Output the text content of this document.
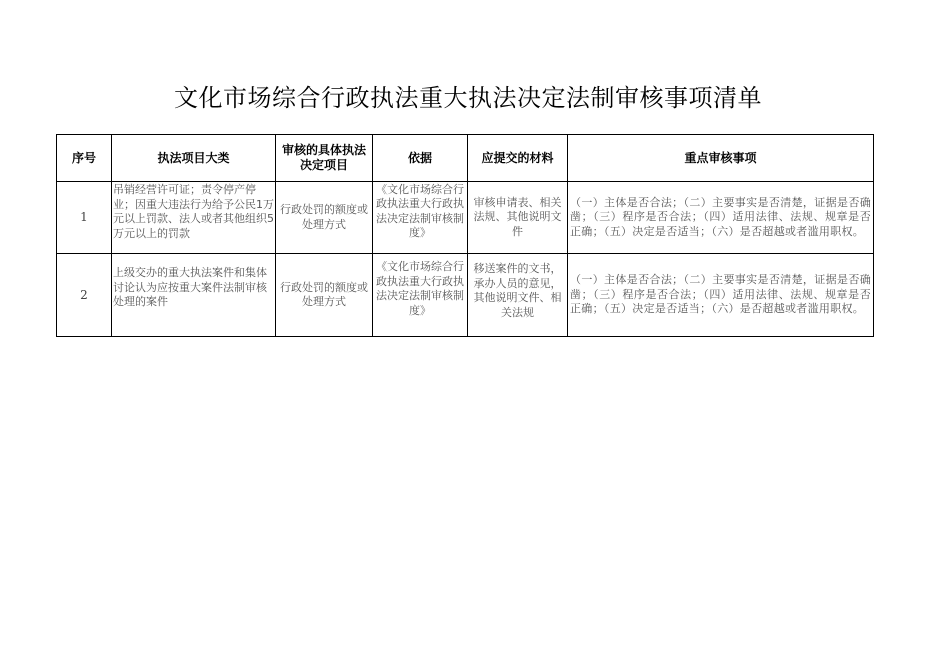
文化市场综合行政执法重大执法决定法制审核事项清单
序号	执法项目大类	审核的具体执法决定项目	依据	应提交的材料	重点审核事项

1	吊销经营许可证；责令停产停业；因重大违法行为给予公民1万元以上罚款、法人或者其他组织5万元以上的罚款	行政处罚的额度或处理方式	《文化市场综合行政执法重大行政执法决定法制审核制度》	审核申请表、相关法规、其他说明文件	（一）主体是否合法；（二）主要事实是否清楚，证据是否确凿；（三）程序是否合法；（四）适用法律、法规、规章是否正确；（五）决定是否适当；（六）是否超越或者滥用职权。

2	上级交办的重大执法案件和集体讨论认为应按重大案件法制审核处理的案件	行政处罚的额度或处理方式	《文化市场综合行政执法重大行政执法决定法制审核制度》	移送案件的文书，承办人员的意见，其他说明文件、相关法规	（一）主体是否合法；（二）主要事实是否清楚，证据是否确凿；（三）程序是否合法；（四）适用法律、法规、规章是否正确；（五）决定是否适当；（六）是否超越或者滥用职权。
